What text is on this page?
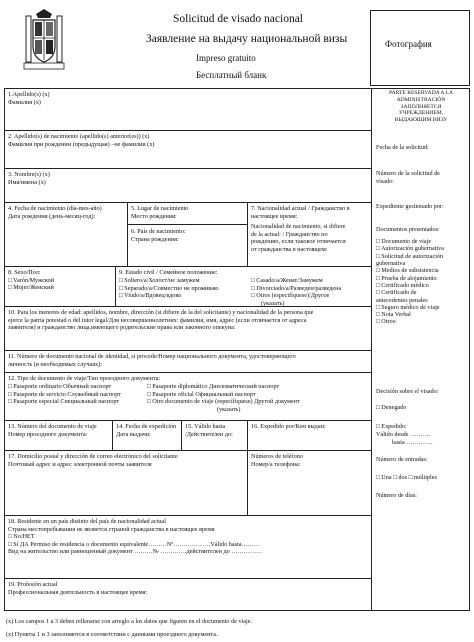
Solicitud de visado nacional
Заявление на выдачу национальной визы
Impreso gratuito
Бесплатный бланк
Фотография
PARTE RESERVADA A LA
ADMINISTRACIÓN
ЗАПОЛНЯЕТСЯ
УЧРЕЖДЕНИЕМ,
ВЫДАЮЩИМ ВИЗУ
Fecha de la solicitud:
Número de la solicitud de
visado:
Expediente gestionado por:
Documentos presentados:
□ Documento de viaje
□ Autorización gubernativa
□ Solicitud de autorización
gubernativa
□ Medios de subsistencia
□ Prueba de alojamiento
□ Certificado médico
□ Certificado de
antecedentes penales
□ Seguro médico de viaje
□ Nota Verbal
□ Otros:
Decisión sobre el visado:
□ Denegado
□ Expedido:
Válido desde ……….
hasta ………….
Número de entradas:
□ Una □ dos □ múltiples
Número de días:
1.Apellido(s) (x)
Фамилия (x)
2. Apellido(s) de nacimiento (apellido(s) anterior(es)) (x)
Фамилия при рождении (предыдущая) –не фамилии (x)
3. Nombre(s) (x)
Имя/имена (x)
4. Fecha de nacimiento (día-mes-año)
Дата рождения (день-месяц-год):
5. Lugar de nacimiento
Место рождения:
6. País de nacimiento:
Страна рождения:
7. Nacionalidad actual / Гражданство в
настоящее время:
Nacionalidad de nacimiento, si difiere
de la actual: / Гражданство по
рождению, если таковое отличается
от гражданства в настоящем:
8. Sexo/Пол:
□ Varón/Мужской
□ Mujer/Женский
9. Estado civil / Семейное положение:
□ Soltero/a/Холост/не замужем
□ Separado/a/Совместно не проживаю
□ Viudo/a/Вдовец/вдова
□ Casado/a/Женат/Замужем
□ Divorciado/a/Разведен/разведена
□ Otros (especifíquese)/Другое
(указать)
10. Para los menores de edad: apellidos, nombre, dirección (si difiere de la del solicitante) y nacionalidad de la persona que
ejerce la patria potestad o del tutor legal/Для несовершеннолетних: фамилия, имя, адрес (если отличается от адреса
заявителя) и гражданство лица,имеющего родительские права или законного опекуна:
11. Número de documento nacional de identidad, si procede/Номер национального документа, удостоверяющего
личность (в необходимых случаях):
12. Tipo de documento de viaje/Тип проездного документа:
□ Pasaporte ordinario Обычный паспорт
□ Pasaporte de servicio Служебный паспорт
□ Pasaporte especial Специальный паспорт
□ Pasaporte diplomático Дипломатический паспорт
□ Pasaporte oficial Официальный паспорт
□ Otro documento de viaje (especifíquese) Другой документ
(указать)
13. Número del documento de viaje
Номер проездного документа:
14. Fecha de expedición
Дата выдачи:
15. Válido hasta
/Действителен до:
16. Expedido por/Кем выдан:
17. Domicilio postal y dirección de correo electrónico del solicitante
Почтовый адрес и адрес электронной почты заявителя
Números de teléfono
Номер/а телефона:
18. Residente en un país distinto del país de nacionalidad actual
Страна местопребывания не является страной гражданства в настоящее время
□ No/НЕТ
□ Sí ДА Permiso de residencia o documento equivalente………Nº………………Válido hasta………
Вид на жительство или равноценный документ ………№ ………….действителен до ……………
19. Profesión actual
Профессиональная деятельность в настоящее время:
(x) Los campos 1 a 3 deben rellenarse con arreglo a los datos que figuren en el documento de viaje.
(x) Пункты 1 и 3 заполняются в соответствии с данными проездного документа.
